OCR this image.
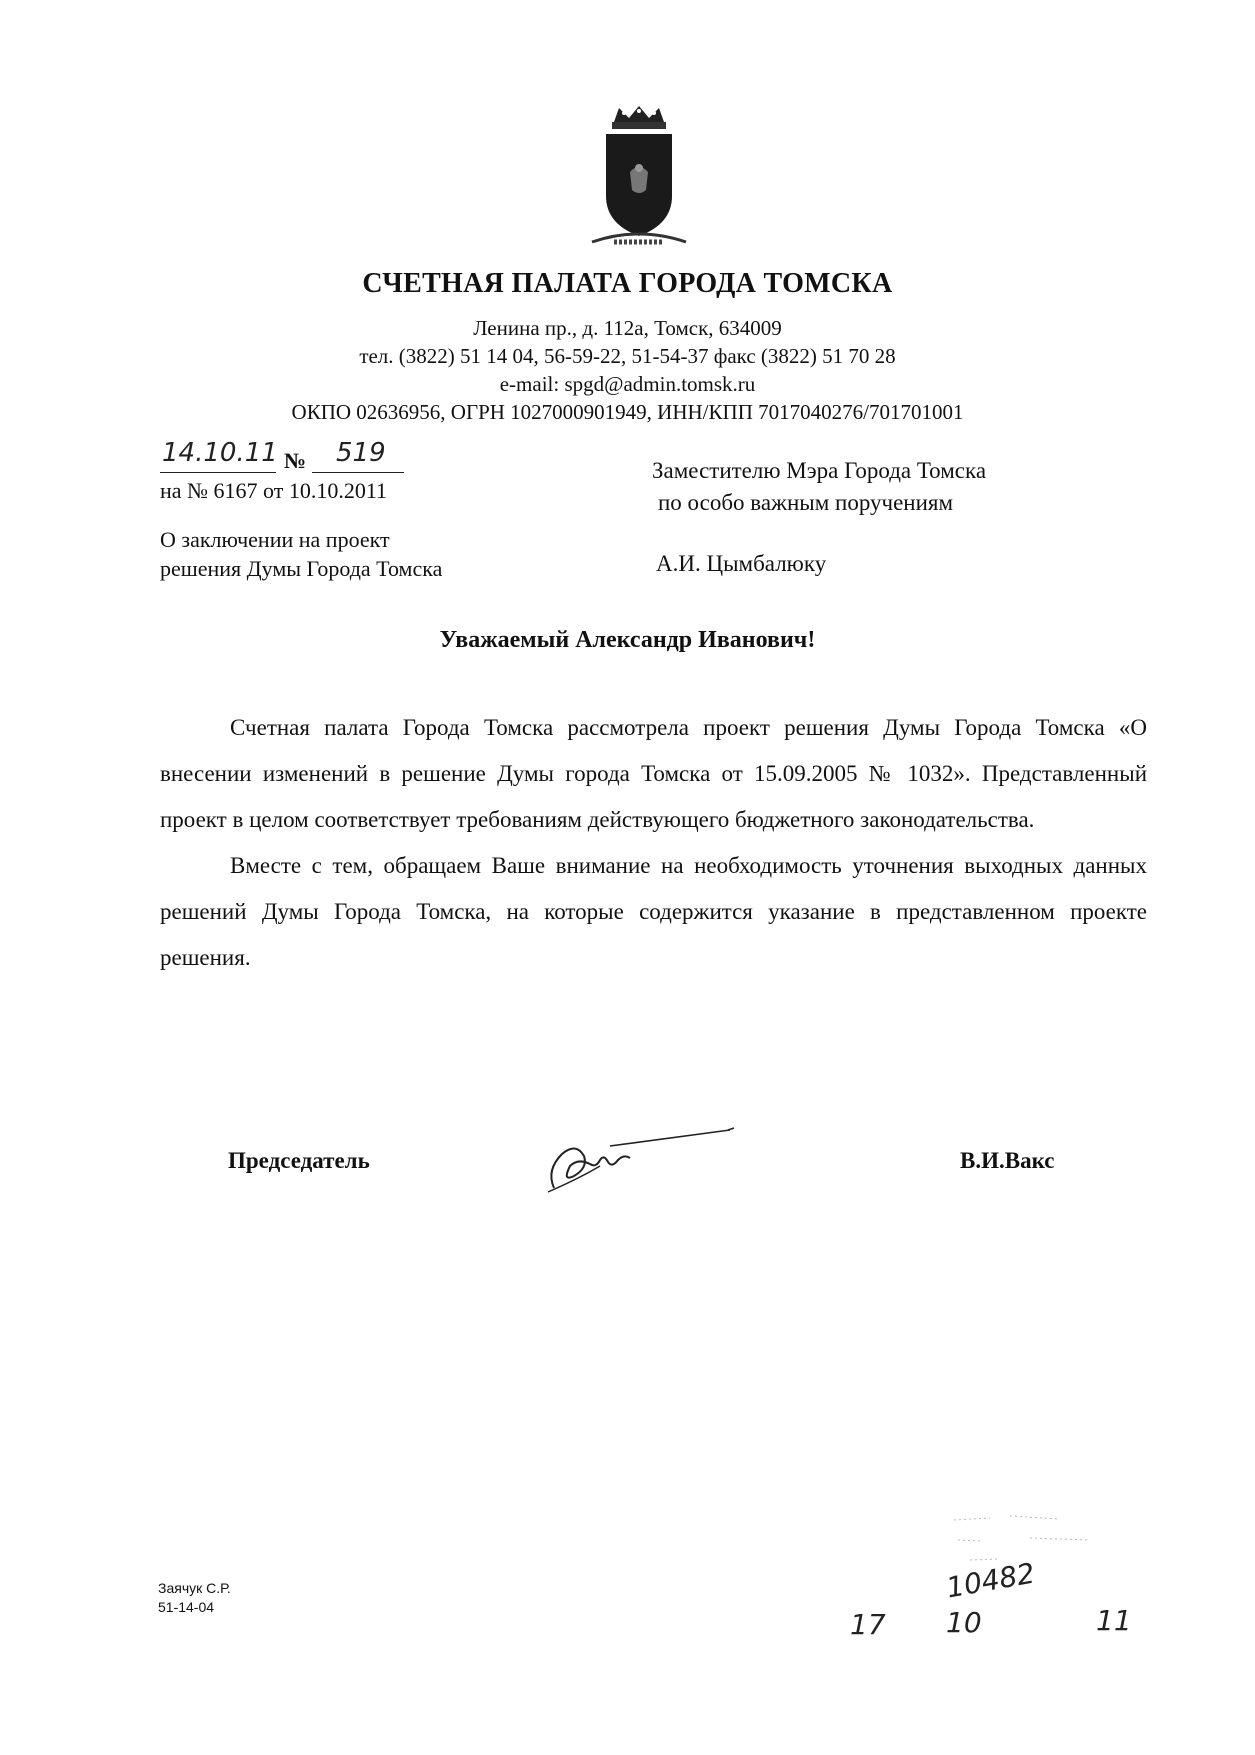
СЧЕТНАЯ ПАЛАТА ГОРОДА ТОМСКА
Ленина пр., д. 112а, Томск, 634009
тел. (3822) 51 14 04, 56-59-22, 51-54-37 факс (3822) 51 70 28
e-mail: spgd@admin.tomsk.ru
ОКПО 02636956, ОГРН 1027000901949, ИНН/КПП 7017040276/701701001
14.10.11 № 519
на № 6167 от 10.10.2011
О заключении на проект
решения Думы Города Томска
Заместителю Мэра Города Томска
по особо важным поручениям
А.И. Цымбалюку
Уважаемый Александр Иванович!

Счетная палата Города Томска рассмотрела проект решения Думы Города Томска «О внесении изменений в решение Думы города Томска от 15.09.2005 № 1032». Представленный проект в целом соответствует требованиям действующего бюджетного законодательства.

Вместе с тем, обращаем Ваше внимание на необходимость уточнения выходных данных решений Думы Города Томска, на которые содержится указание в представленном проекте решения.

Председатель	В.И.Вакс
Заячук С.Р.
51-14-04
10482
17 10	11
